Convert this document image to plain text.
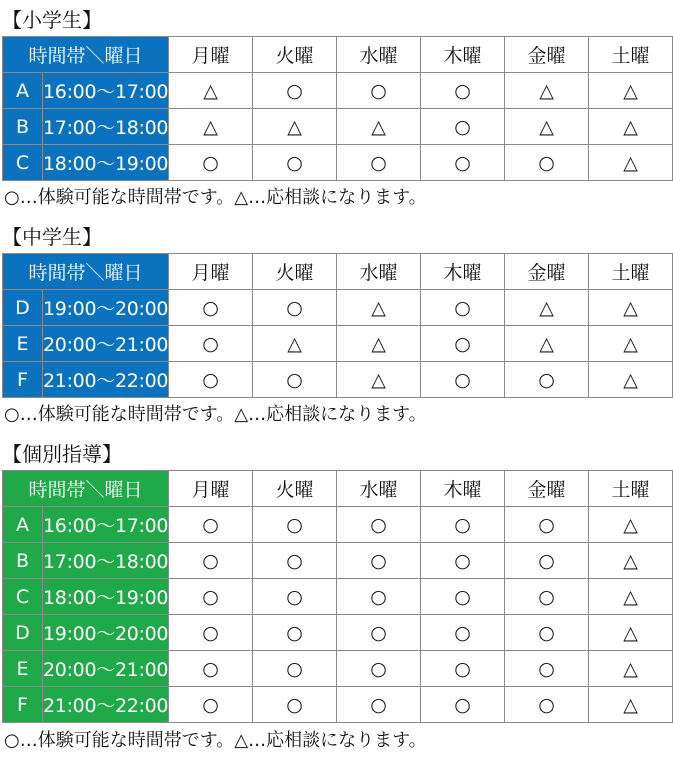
【小学生】
時間帯＼曜日		月曜	火曜	水曜	木曜	金曜	土曜
A	16:00～17:00	△	○	○	○	△	△
B	17:00～18:00	△	△	△	○	△	△
C	18:00～19:00	○	○	○	○	○	△
○…体験可能な時間帯です。△…応相談になります。
【中学生】
時間帯＼曜日		月曜	火曜	水曜	木曜	金曜	土曜
D	19:00～20:00	○	○	△	○	△	△
E	20:00～21:00	○	△	△	○	△	△
F	21:00～22:00	○	○	△	○	○	△
○…体験可能な時間帯です。△…応相談になります。
【個別指導】
時間帯＼曜日		月曜	火曜	水曜	木曜	金曜	土曜
A	16:00～17:00	○	○	○	○	○	△
B	17:00～18:00	○	○	○	○	○	△
C	18:00～19:00	○	○	○	○	○	△
D	19:00～20:00	○	○	○	○	○	△
E	20:00～21:00	○	○	○	○	○	△
F	21:00～22:00	○	○	○	○	○	△
○…体験可能な時間帯です。△…応相談になります。
